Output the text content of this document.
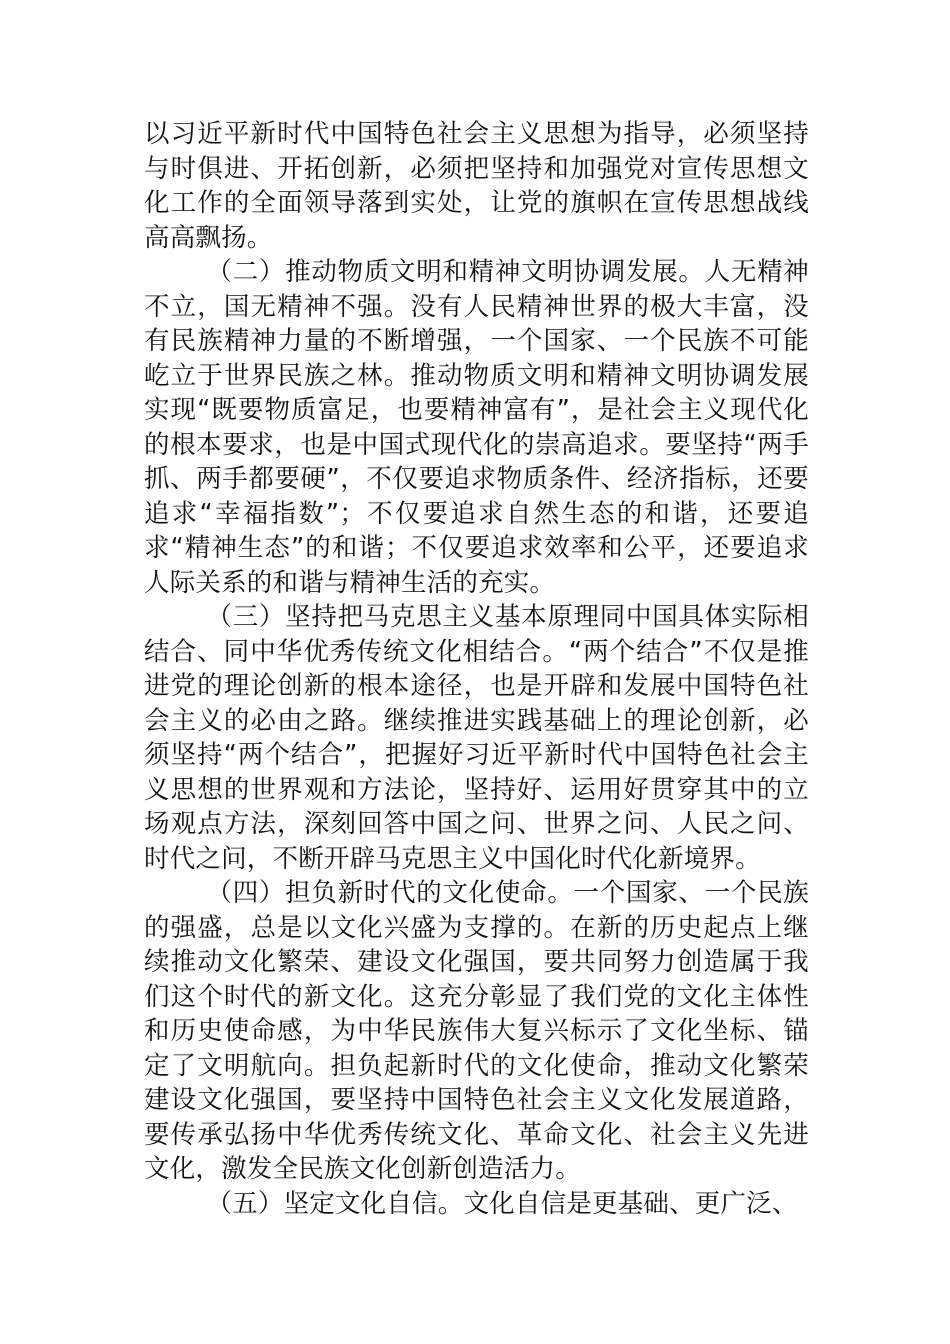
以习近平新时代中国特色社会主义思想为指导，必须坚持与时俱进、开拓创新，必须把坚持和加强党对宣传思想文化工作的全面领导落到实处，让党的旗帜在宣传思想战线高高飘扬。

（二）推动物质文明和精神文明协调发展。人无精神不立，国无精神不强。没有人民精神世界的极大丰富，没有民族精神力量的不断增强，一个国家、一个民族不可能屹立于世界民族之林。推动物质文明和精神文明协调发展实现“既要物质富足，也要精神富有”，是社会主义现代化的根本要求，也是中国式现代化的崇高追求。要坚持“两手抓、两手都要硬”，不仅要追求物质条件、经济指标，还要追求“幸福指数”；不仅要追求自然生态的和谐，还要追求“精神生态”的和谐；不仅要追求效率和公平，还要追求人际关系的和谐与精神生活的充实。

（三）坚持把马克思主义基本原理同中国具体实际相结合、同中华优秀传统文化相结合。“两个结合”不仅是推进党的理论创新的根本途径，也是开辟和发展中国特色社会主义的必由之路。继续推进实践基础上的理论创新，必须坚持“两个结合”，把握好习近平新时代中国特色社会主义思想的世界观和方法论，坚持好、运用好贯穿其中的立场观点方法，深刻回答中国之问、世界之问、人民之问、时代之问，不断开辟马克思主义中国化时代化新境界。

（四）担负新时代的文化使命。一个国家、一个民族的强盛，总是以文化兴盛为支撑的。在新的历史起点上继续推动文化繁荣、建设文化强国，要共同努力创造属于我们这个时代的新文化。这充分彰显了我们党的文化主体性和历史使命感，为中华民族伟大复兴标示了文化坐标、锚定了文明航向。担负起新时代的文化使命，推动文化繁荣建设文化强国，要坚持中国特色社会主义文化发展道路，要传承弘扬中华优秀传统文化、革命文化、社会主义先进文化，激发全民族文化创新创造活力。

（五）坚定文化自信。文化自信是更基础、更广泛、
